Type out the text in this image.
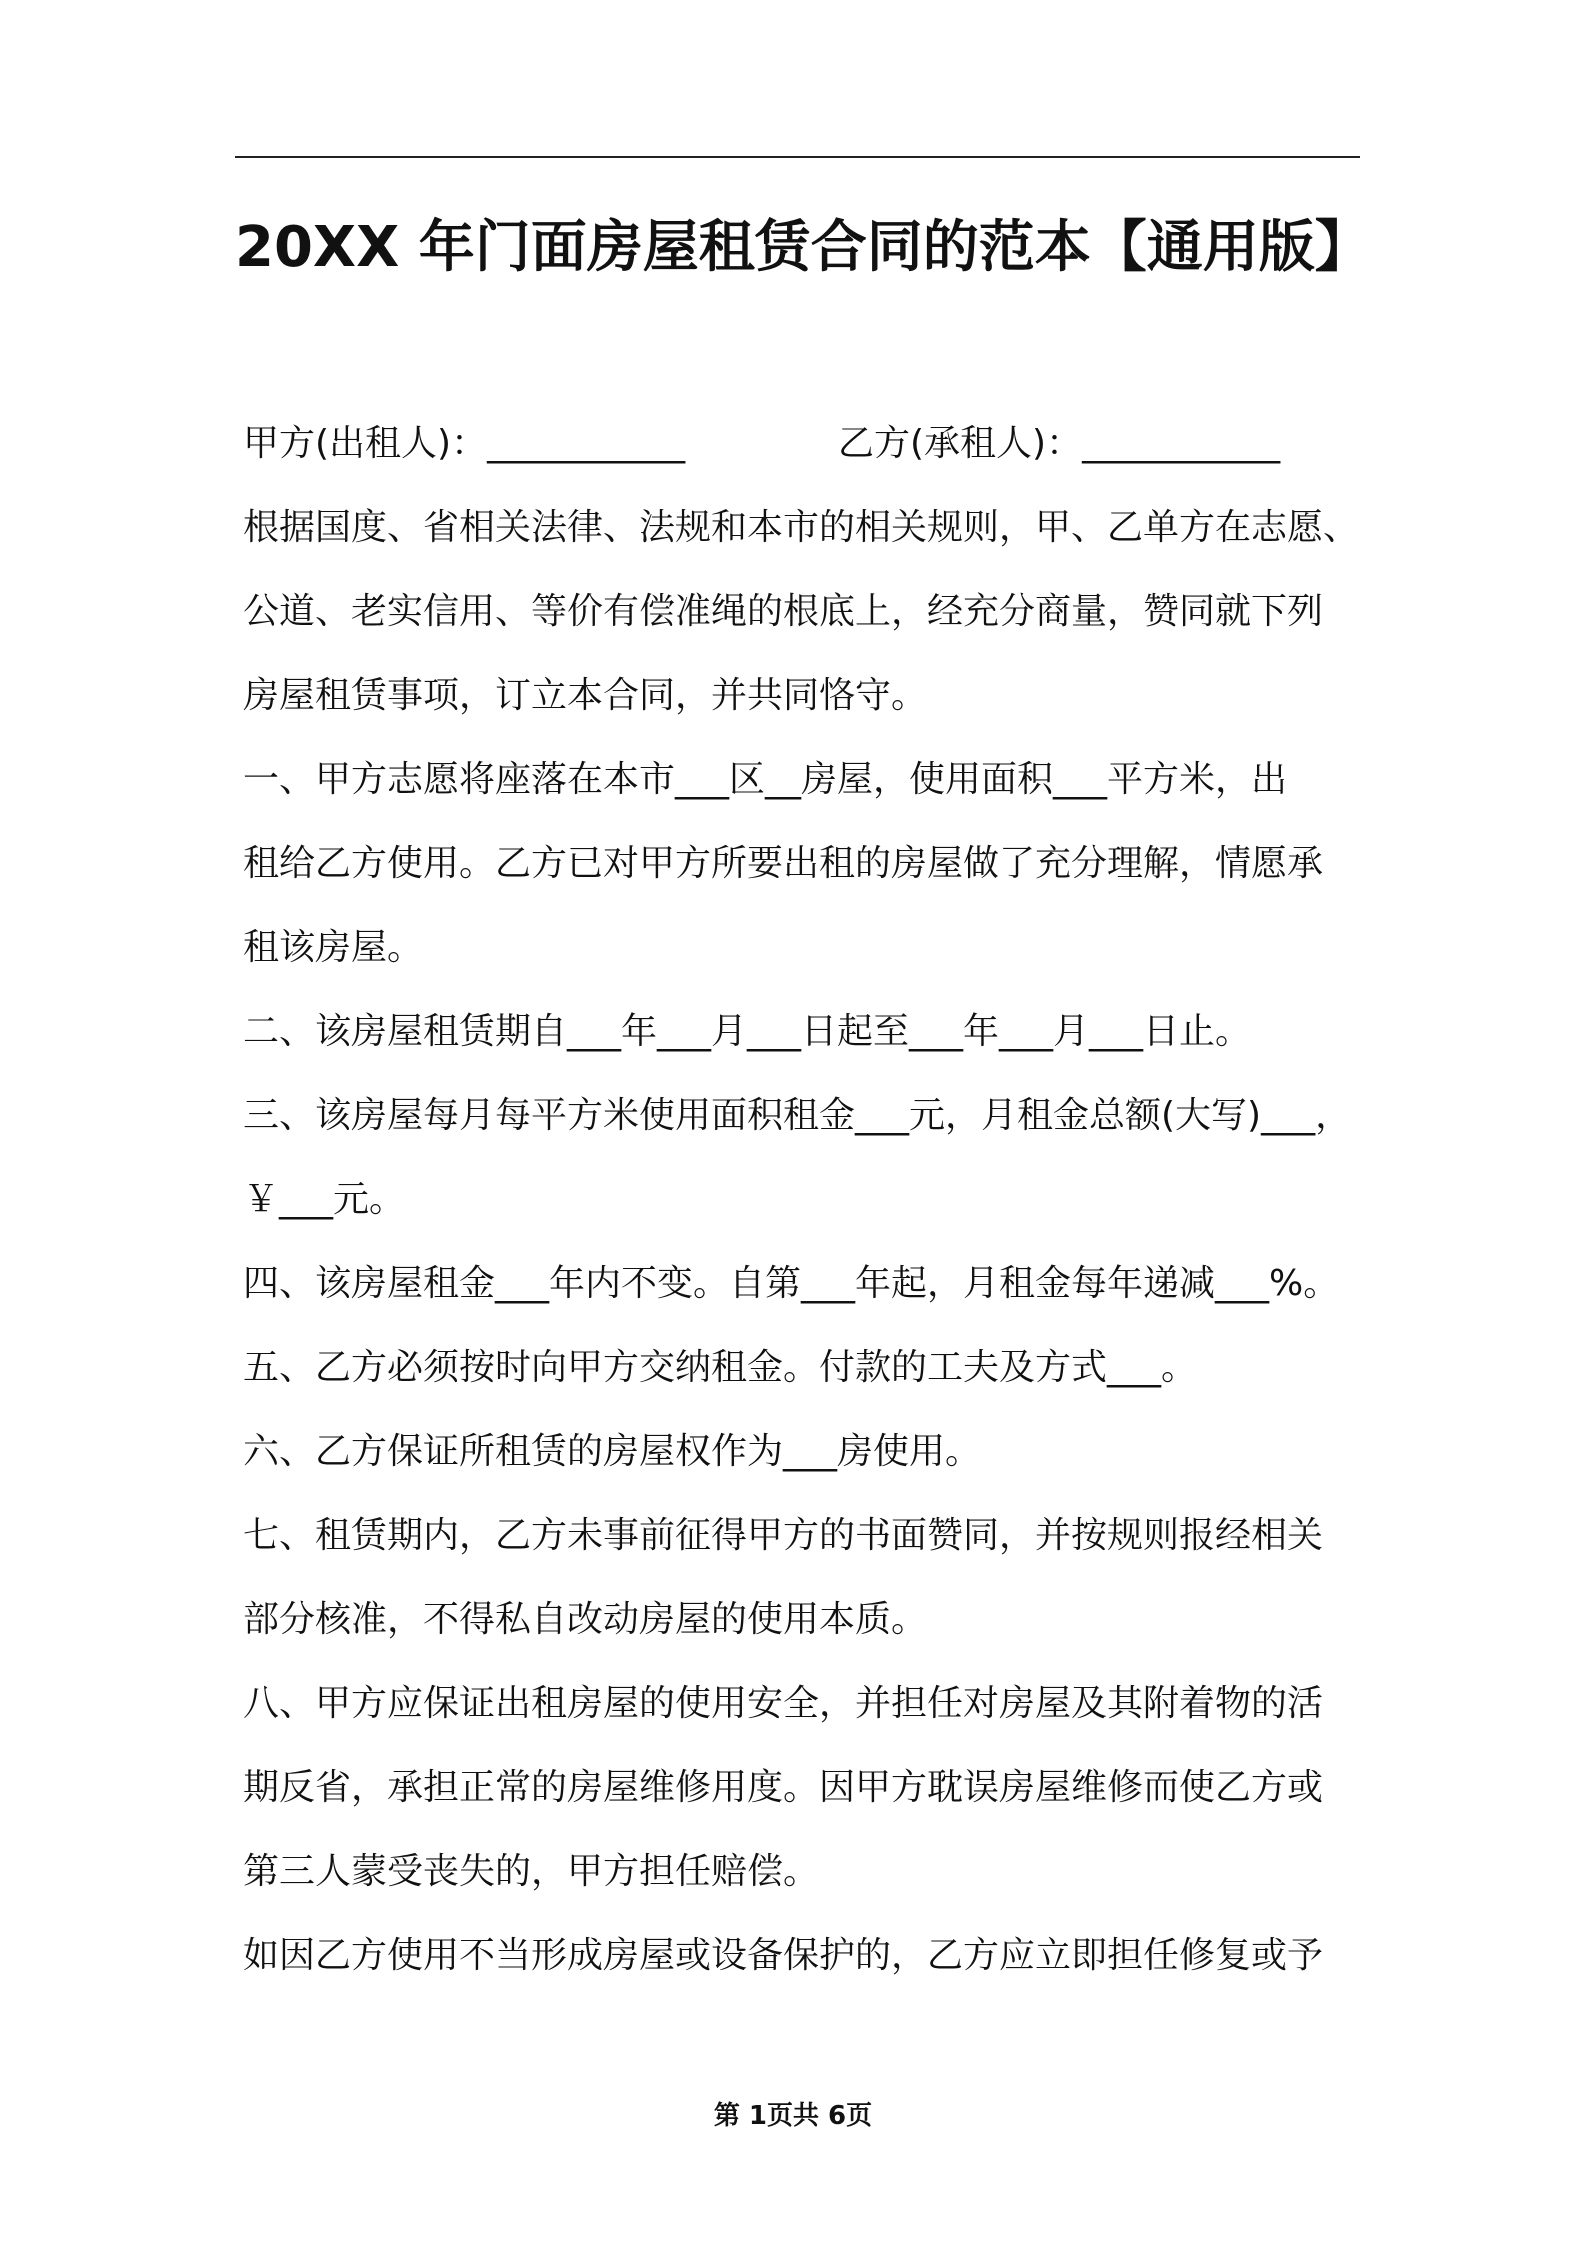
20XX 年门面房屋租赁合同的范本【通用版】
甲方(出租人)：___________	乙方(承租人)：___________
根据国度、省相关法律、法规和本市的相关规则，甲、乙单方在志愿、
公道、老实信用、等价有偿准绳的根底上，经充分商量，赞同就下列
房屋租赁事项，订立本合同，并共同恪守。
一、甲方志愿将座落在本市___区__房屋，使用面积___平方米，出
租给乙方使用。乙方已对甲方所要出租的房屋做了充分理解，情愿承
租该房屋。
二、该房屋租赁期自___年___月___日起至___年___月___日止。
三、该房屋每月每平方米使用面积租金___元，月租金总额(大写)___，
￥___元。
四、该房屋租金___年内不变。自第___年起，月租金每年递减___%。
五、乙方必须按时向甲方交纳租金。付款的工夫及方式___。
六、乙方保证所租赁的房屋权作为___房使用。
七、租赁期内，乙方未事前征得甲方的书面赞同，并按规则报经相关
部分核准，不得私自改动房屋的使用本质。
八、甲方应保证出租房屋的使用安全，并担任对房屋及其附着物的活
期反省，承担正常的房屋维修用度。因甲方耽误房屋维修而使乙方或
第三人蒙受丧失的，甲方担任赔偿。
如因乙方使用不当形成房屋或设备保护的，乙方应立即担任修复或予
第 1页共 6页
